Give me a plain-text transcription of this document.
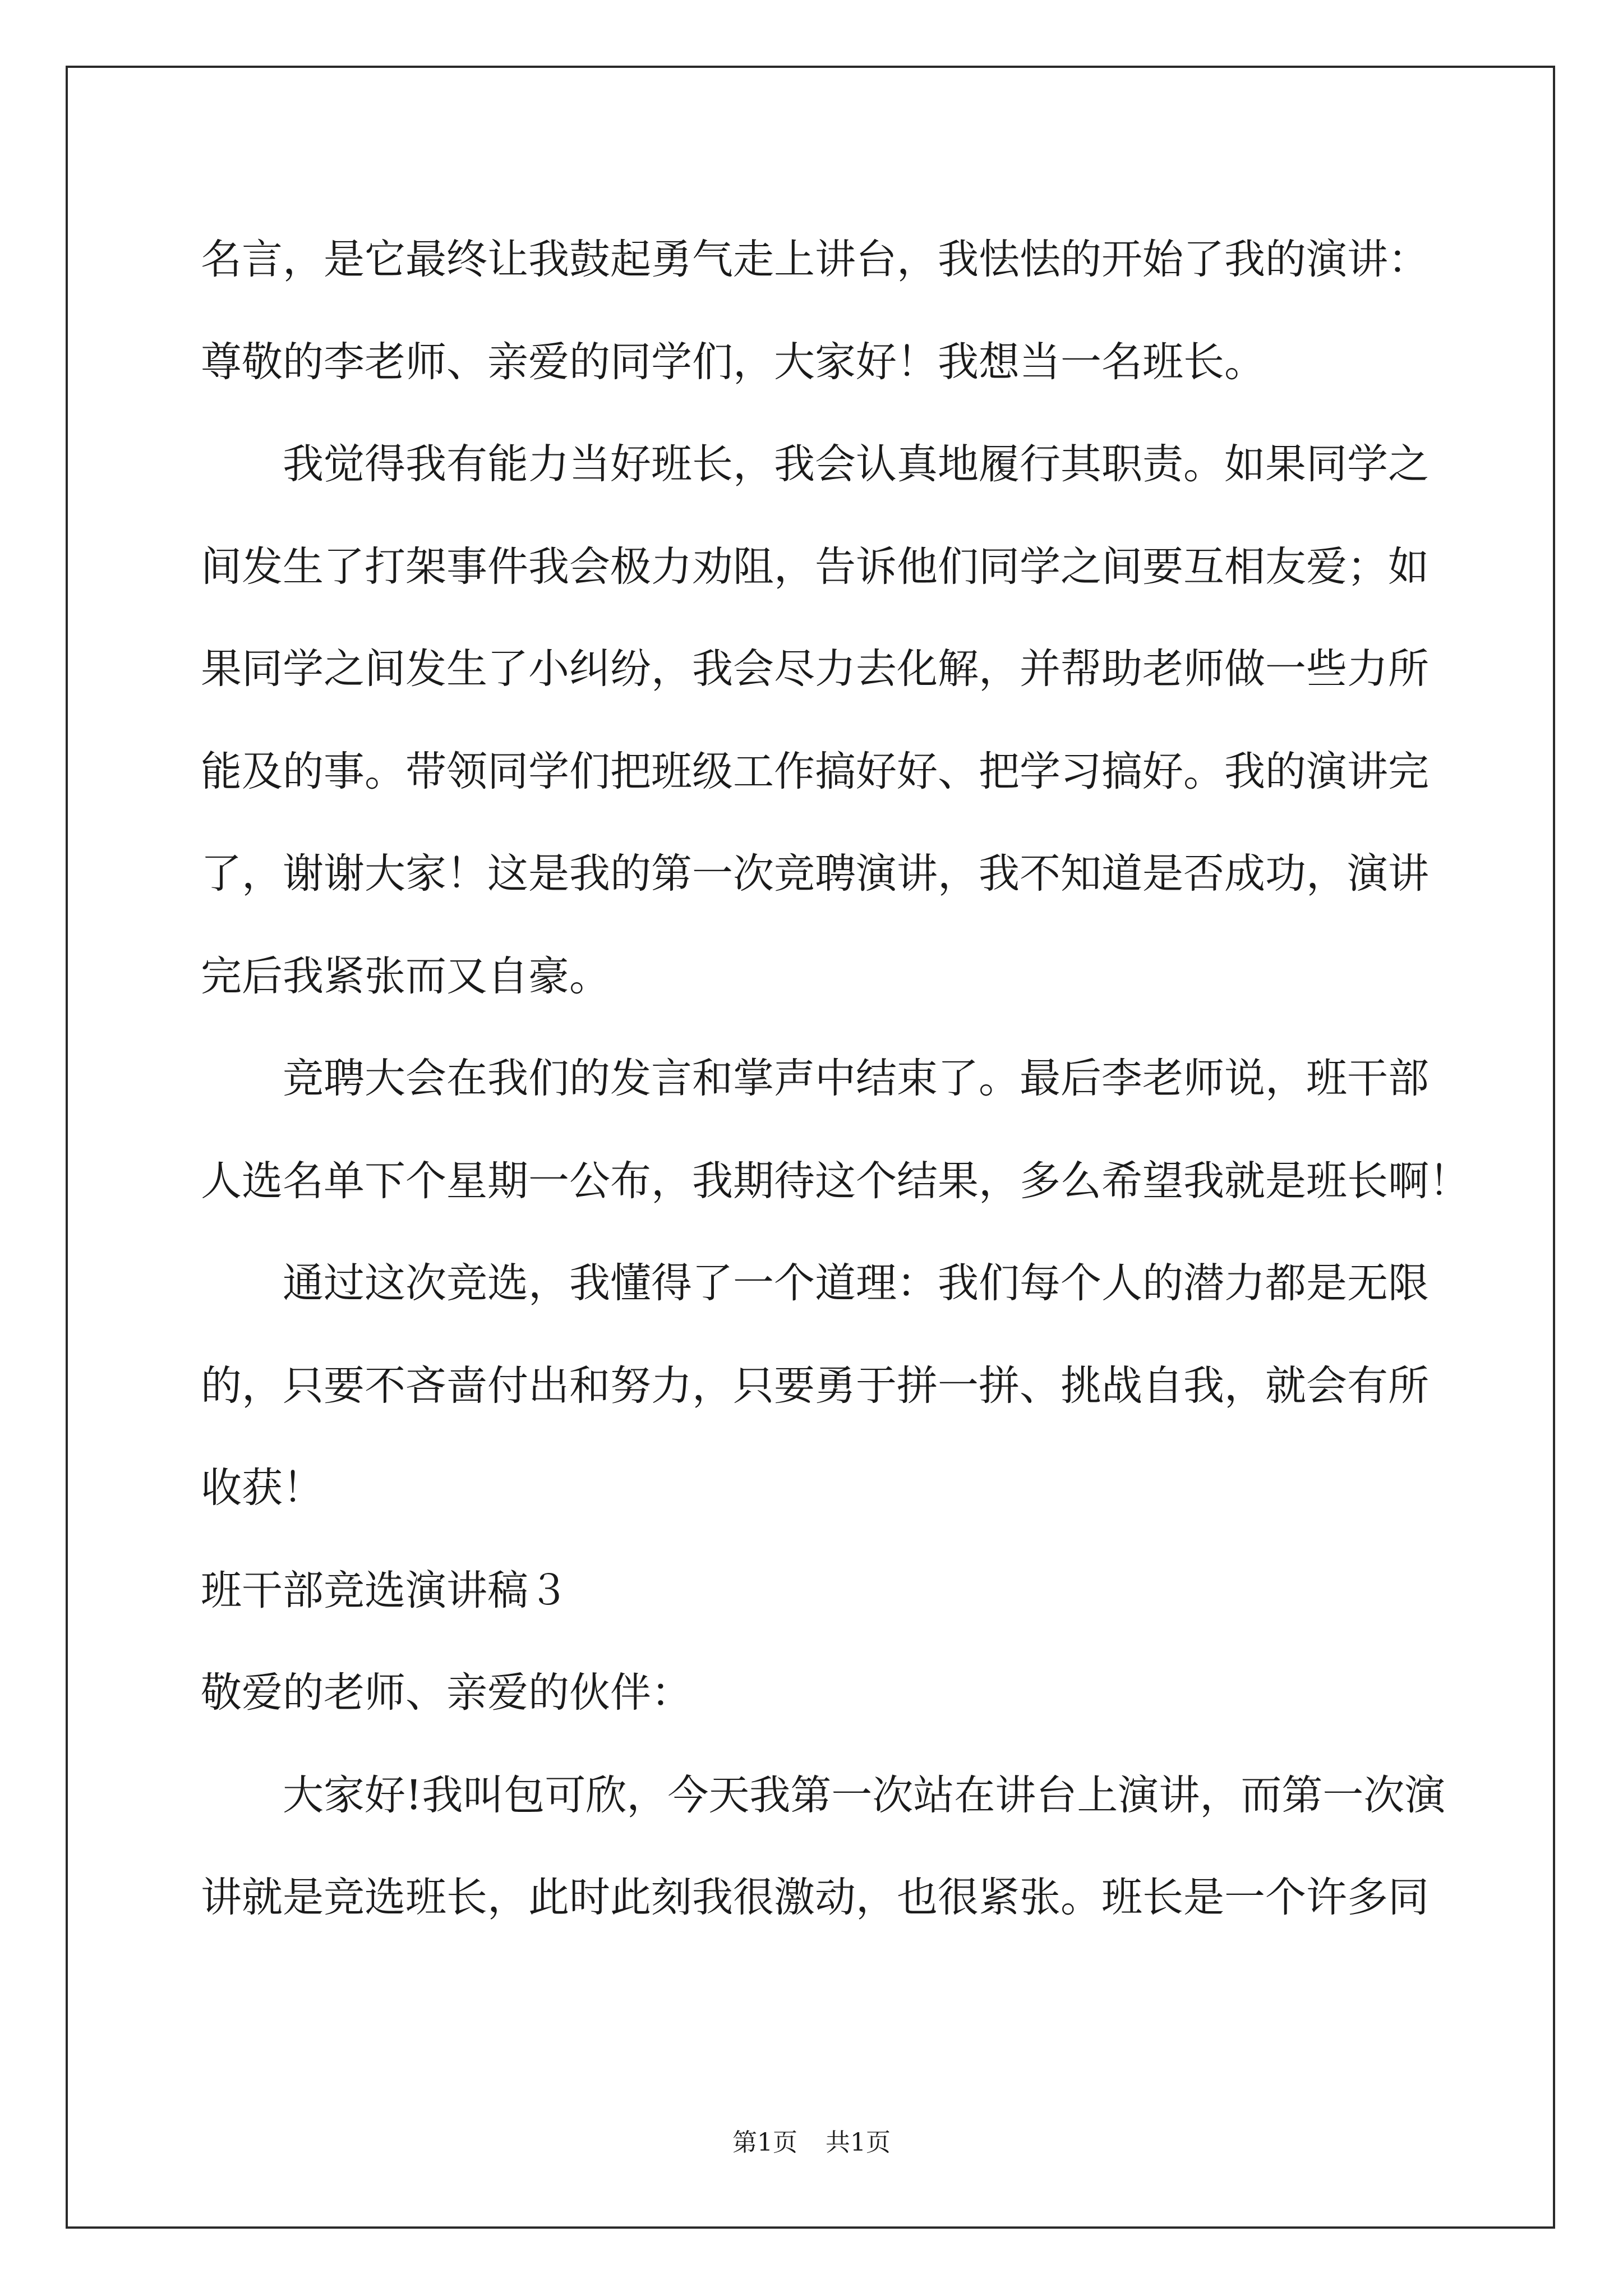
名言，是它最终让我鼓起勇气走上讲台，我怯怯的开始了我的演讲：
尊敬的李老师、亲爱的同学们，大家好！我想当一名班长。
　　我觉得我有能力当好班长，我会认真地履行其职责。如果同学之
间发生了打架事件我会极力劝阻，告诉他们同学之间要互相友爱；如
果同学之间发生了小纠纷，我会尽力去化解，并帮助老师做一些力所
能及的事。带领同学们把班级工作搞好好、把学习搞好。我的演讲完
了，谢谢大家！这是我的第一次竞聘演讲，我不知道是否成功，演讲
完后我紧张而又自豪。
　　竞聘大会在我们的发言和掌声中结束了。最后李老师说，班干部
人选名单下个星期一公布，我期待这个结果，多么希望我就是班长啊！
　　通过这次竞选，我懂得了一个道理：我们每个人的潜力都是无限
的，只要不吝啬付出和努力，只要勇于拼一拼、挑战自我，就会有所
收获！
班干部竞选演讲稿３
敬爱的老师、亲爱的伙伴：
　　大家好!我叫包可欣，今天我第一次站在讲台上演讲，而第一次演
讲就是竞选班长，此时此刻我很激动，也很紧张。班长是一个许多同
第1页 共1页
